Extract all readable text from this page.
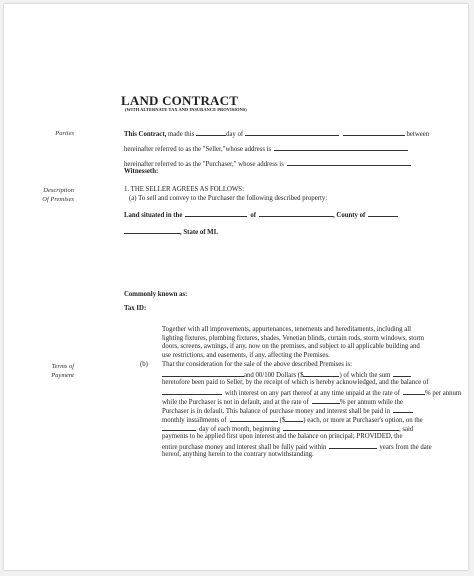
LAND CONTRACT
(WITH ALTERNATE TAX AND INSURANCE PROVISIONS)
Parties
Description
Of Premises
Terms of
Payment
This Contract, made this	day of	between
hereinafter referred to as the "Seller,"whose address is
hereinafter referred to as the "Purchaser," whose address is
Witnesseth:
1. THE SELLER AGREES AS FOLLOWS:
(a) To sell and convey to the Purchaser the following described property:
Land situated in the	of	, County of
, State of MI.
Commonly known as:
Tax ID:
Together with all improvements, appurtenances, tenements and hereditaments, including all lighting fixtures, plumbing fixtures, shades, Venetian blinds, curtain rods, storm windows, storm doors, screens, awnings, if any, now on the premises, and subject to all applicable building and use restrictions, and easements, if any, affecting the Premises.
(b) That the consideration for the sale of the above described Premises is:
and 00/100 Dollars ($	) of which the sum
heretofore been paid to Seller, by the receipt of which is hereby acknowledged, and the balance of
with interest on any part thereof at any time unpaid at the rate of	% per annum
while the Purchaser is not in default, and at the rate of	% per annum while the
Purchaser is in default. This balance of purchase money and interest shall be paid in
monthly installments of	($	) each, or more at Purchaser's option, on the
day of each month, beginning	, said
payments to be applied first upon interest and the balance on principal; PROVIDED, the
entire purchase money and interest shall be fully paid within	years from the date
hereof, anything herein to the contrary notwithstanding.
